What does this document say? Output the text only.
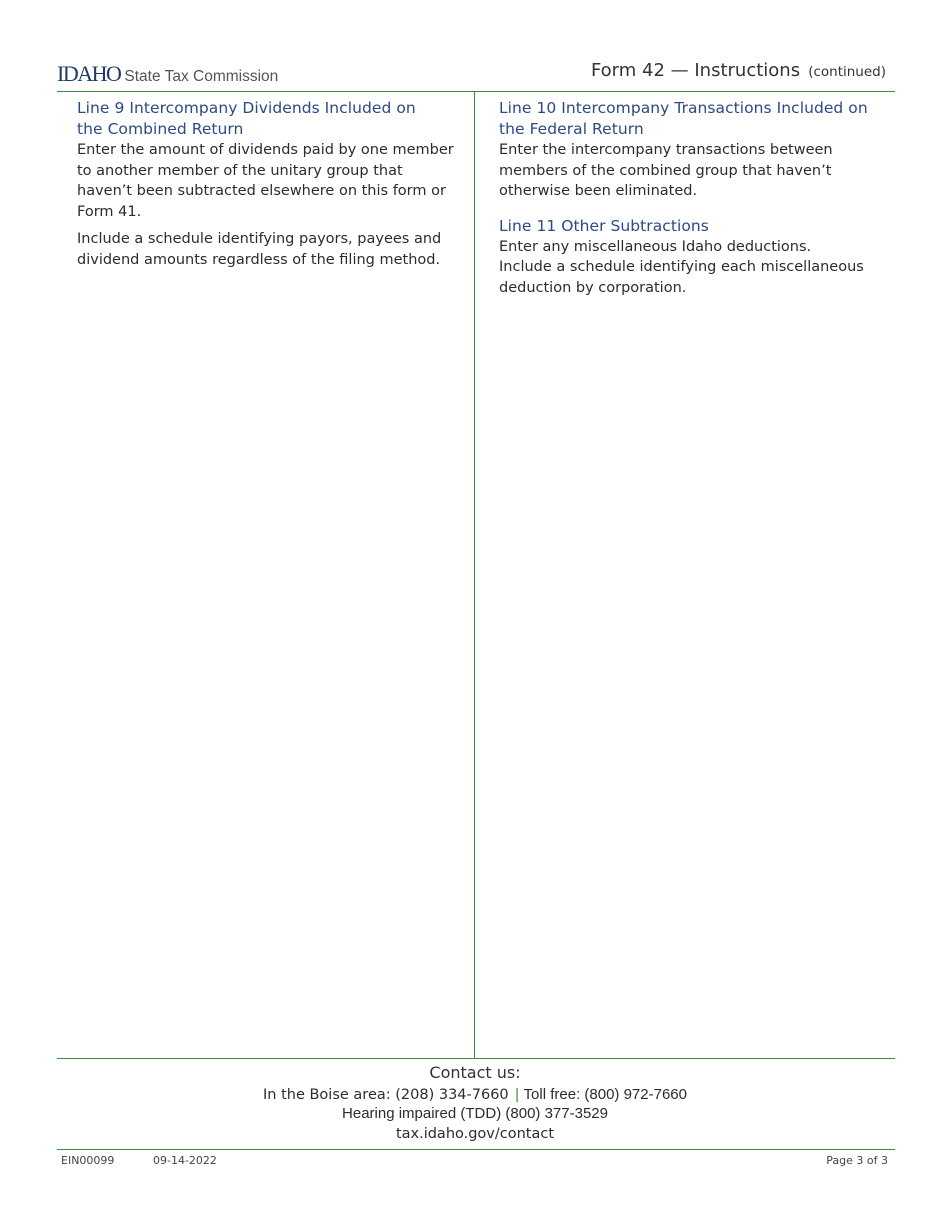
IDAHO State Tax Commission	Form 42 — Instructions (continued)

Line 9 Intercompany Dividends Included on
the Combined Return

Enter the amount of dividends paid by one member to another member of the unitary group that haven’t been subtracted elsewhere on this form or Form 41.

Include a schedule identifying payors, payees and dividend amounts regardless of the filing method.

Line 10 Intercompany Transactions Included on
the Federal Return

Enter the intercompany transactions between members of the combined group that haven’t otherwise been eliminated.

Line 11 Other Subtractions

Enter any miscellaneous Idaho deductions.

Include a schedule identifying each miscellaneous deduction by corporation.

Contact us:
In the Boise area: (208) 334-7660 | Toll free: (800) 972-7660
Hearing impaired (TDD) (800) 377-3529
tax.idaho.gov/contact
EIN00099	09-14-2022	Page 3 of 3
